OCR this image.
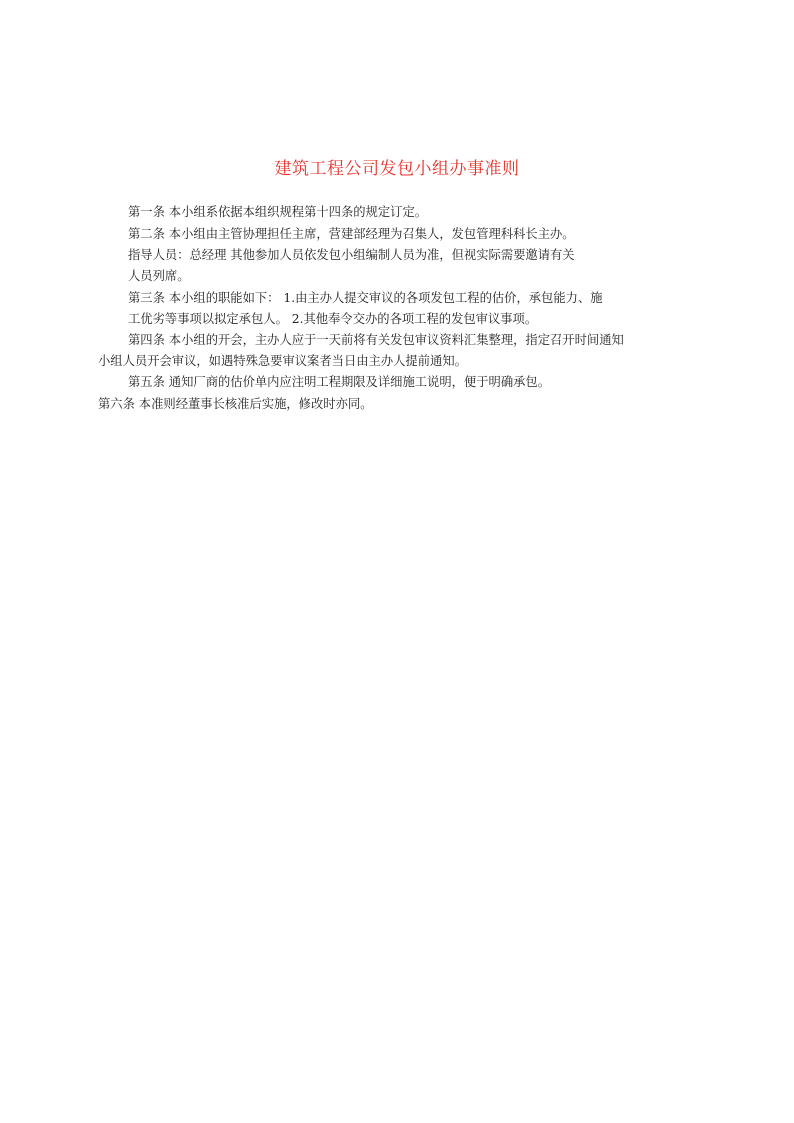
建筑工程公司发包小组办事准则
第一条 本小组系依据本组织规程第十四条的规定订定。
第二条 本小组由主管协理担任主席，营建部经理为召集人，发包管理科科长主办。
指导人员：总经理 其他参加人员依发包小组编制人员为准，但视实际需要邀请有关
人员列席。
第三条 本小组的职能如下： 1.由主办人提交审议的各项发包工程的估价，承包能力、施
工优劣等事项以拟定承包人。 2.其他奉令交办的各项工程的发包审议事项。
第四条 本小组的开会，主办人应于一天前将有关发包审议资料汇集整理，指定召开时间通知
小组人员开会审议，如遇特殊急要审议案者当日由主办人提前通知。
第五条 通知厂商的估价单内应注明工程期限及详细施工说明，便于明确承包。
第六条 本准则经董事长核准后实施，修改时亦同。
